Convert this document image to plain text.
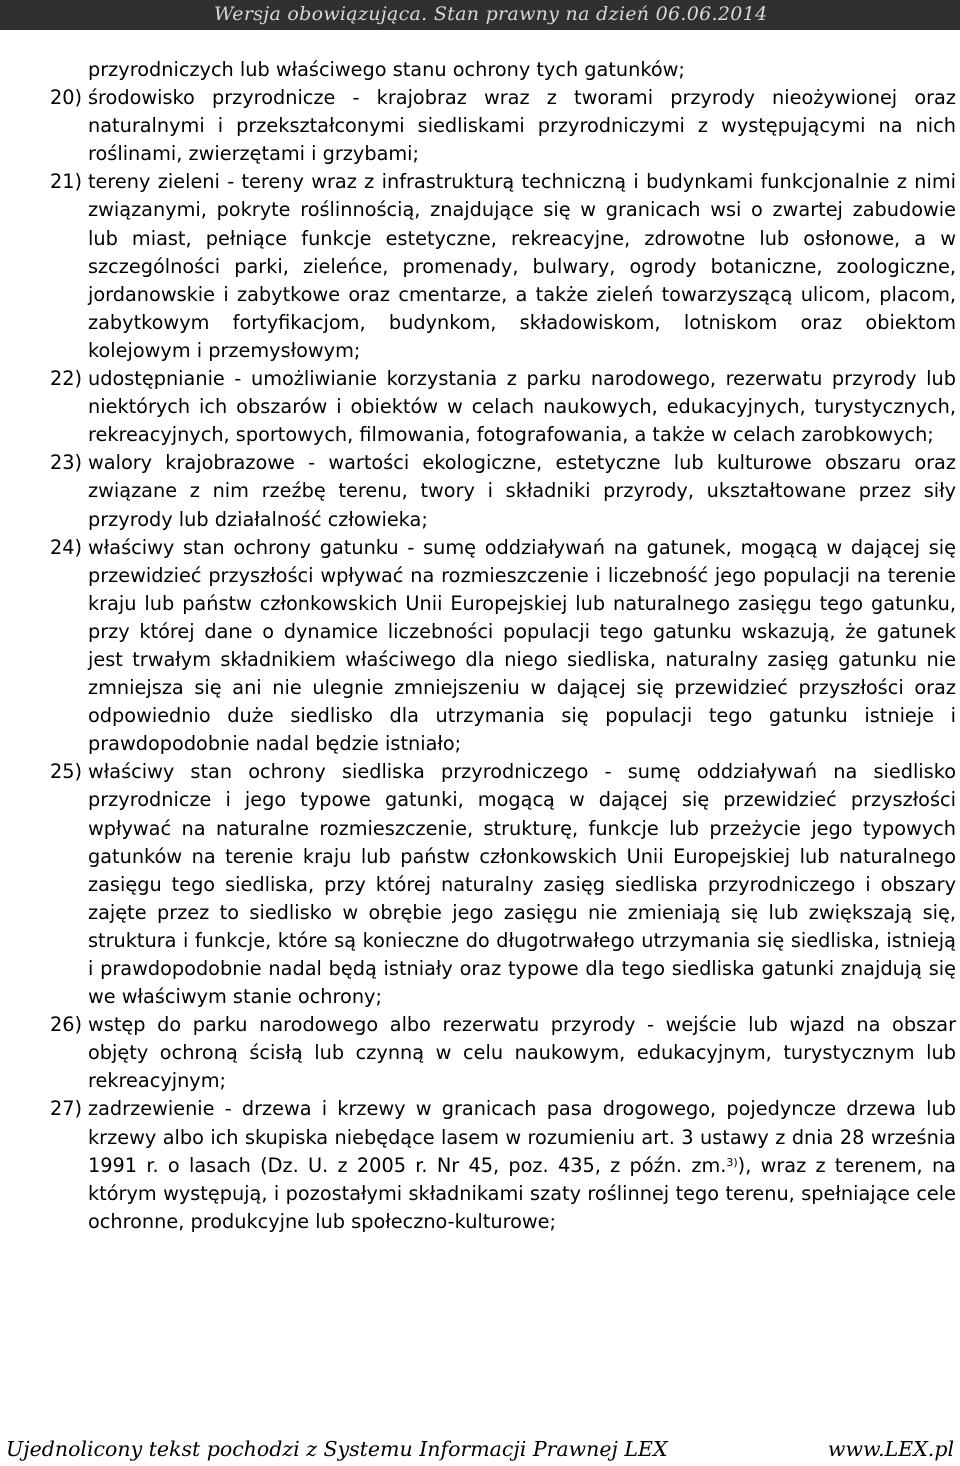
Wersja obowiązująca. Stan prawny na dzień 06.06.2014
przyrodniczych lub właściwego stanu ochrony tych gatunków;
20) środowisko przyrodnicze - krajobraz wraz z tworami przyrody nieożywionej oraz naturalnymi i przekształconymi siedliskami przyrodniczymi z występującymi na nich roślinami, zwierzętami i grzybami;
21) tereny zieleni - tereny wraz z infrastrukturą techniczną i budynkami funkcjonalnie z nimi związanymi, pokryte roślinnością, znajdujące się w granicach wsi o zwartej zabudowie lub miast, pełniące funkcje estetyczne, rekreacyjne, zdrowotne lub osłonowe, a w szczególności parki, zieleńce, promenady, bulwary, ogrody botaniczne, zoologiczne, jordanowskie i zabytkowe oraz cmentarze, a także zieleń towarzyszącą ulicom, placom, zabytkowym fortyfikacjom, budynkom, składowiskom, lotniskom oraz obiektom kolejowym i przemysłowym;
22) udostępnianie - umożliwianie korzystania z parku narodowego, rezerwatu przyrody lub niektórych ich obszarów i obiektów w celach naukowych, edukacyjnych, turystycznych, rekreacyjnych, sportowych, filmowania, fotografowania, a także w celach zarobkowych;
23) walory krajobrazowe - wartości ekologiczne, estetyczne lub kulturowe obszaru oraz związane z nim rzeźbę terenu, twory i składniki przyrody, ukształtowane przez siły przyrody lub działalność człowieka;
24) właściwy stan ochrony gatunku - sumę oddziaływań na gatunek, mogącą w dającej się przewidzieć przyszłości wpływać na rozmieszczenie i liczebność jego populacji na terenie kraju lub państw członkowskich Unii Europejskiej lub naturalnego zasięgu tego gatunku, przy której dane o dynamice liczebności populacji tego gatunku wskazują, że gatunek jest trwałym składnikiem właściwego dla niego siedliska, naturalny zasięg gatunku nie zmniejsza się ani nie ulegnie zmniejszeniu w dającej się przewidzieć przyszłości oraz odpowiednio duże siedlisko dla utrzymania się populacji tego gatunku istnieje i prawdopodobnie nadal będzie istniało;
25) właściwy stan ochrony siedliska przyrodniczego - sumę oddziaływań na siedlisko przyrodnicze i jego typowe gatunki, mogącą w dającej się przewidzieć przyszłości wpływać na naturalne rozmieszczenie, strukturę, funkcje lub przeżycie jego typowych gatunków na terenie kraju lub państw członkowskich Unii Europejskiej lub naturalnego zasięgu tego siedliska, przy której naturalny zasięg siedliska przyrodniczego i obszary zajęte przez to siedlisko w obrębie jego zasięgu nie zmieniają się lub zwiększają się, struktura i funkcje, które są konieczne do długotrwałego utrzymania się siedliska, istnieją i prawdopodobnie nadal będą istniały oraz typowe dla tego siedliska gatunki znajdują się we właściwym stanie ochrony;
26) wstęp do parku narodowego albo rezerwatu przyrody - wejście lub wjazd na obszar objęty ochroną ścisłą lub czynną w celu naukowym, edukacyjnym, turystycznym lub rekreacyjnym;
27) zadrzewienie - drzewa i krzewy w granicach pasa drogowego, pojedyncze drzewa lub krzewy albo ich skupiska niebędące lasem w rozumieniu art. 3 ustawy z dnia 28 września 1991 r. o lasach (Dz. U. z 2005 r. Nr 45, poz. 435, z późn. zm.$^{3)}$), wraz z terenem, na którym występują, i pozostałymi składnikami szaty roślinnej tego terenu, spełniające cele ochronne, produkcyjne lub społeczno-kulturowe;
Ujednolicony tekst pochodzi z Systemu Informacji Prawnej LEX	www.LEX.pl
